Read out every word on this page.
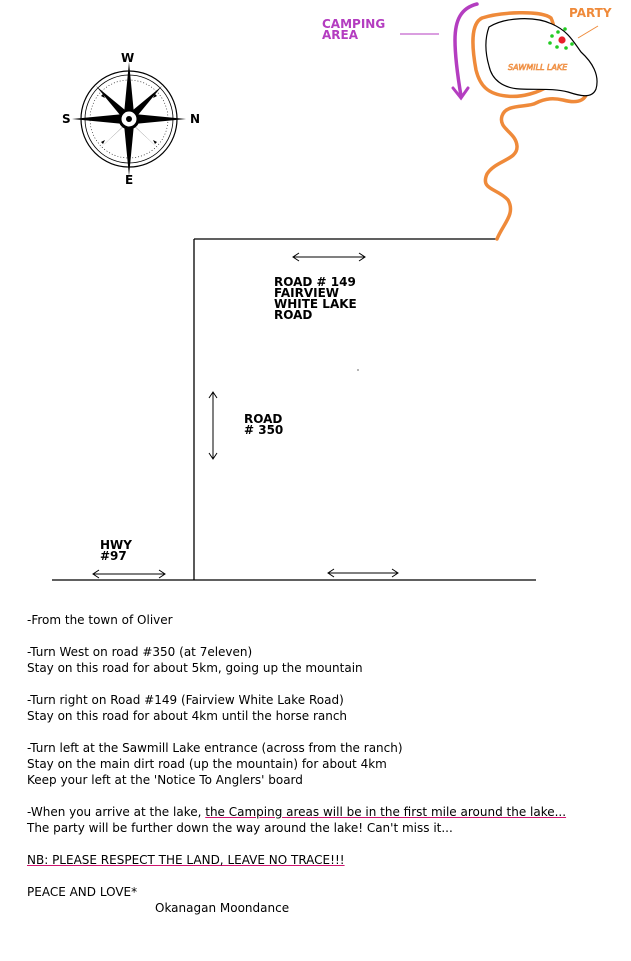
W
E
S	N
SAWMILL LAKE
CAMPING
AREA
PARTY
ROAD # 149
FAIRVIEW
WHITE LAKE
ROAD
ROAD
# 350
HWY
#97

-From the town of Oliver

-Turn West on road #350 (at 7eleven)

Stay on this road for about 5km, going up the mountain

-Turn right on Road #149 (Fairview White Lake Road)

Stay on this road for about 4km until the horse ranch

-Turn left at the Sawmill Lake entrance (across from the ranch)

Stay on the main dirt road (up the mountain) for about 4km

Keep your left at the 'Notice To Anglers' board

-When you arrive at the lake, the Camping areas will be in the first mile around the lake...

The party will be further down the way around the lake! Can't miss it...

NB: PLEASE RESPECT THE LAND, LEAVE NO TRACE!!!

PEACE AND LOVE*

Okanagan Moondance
